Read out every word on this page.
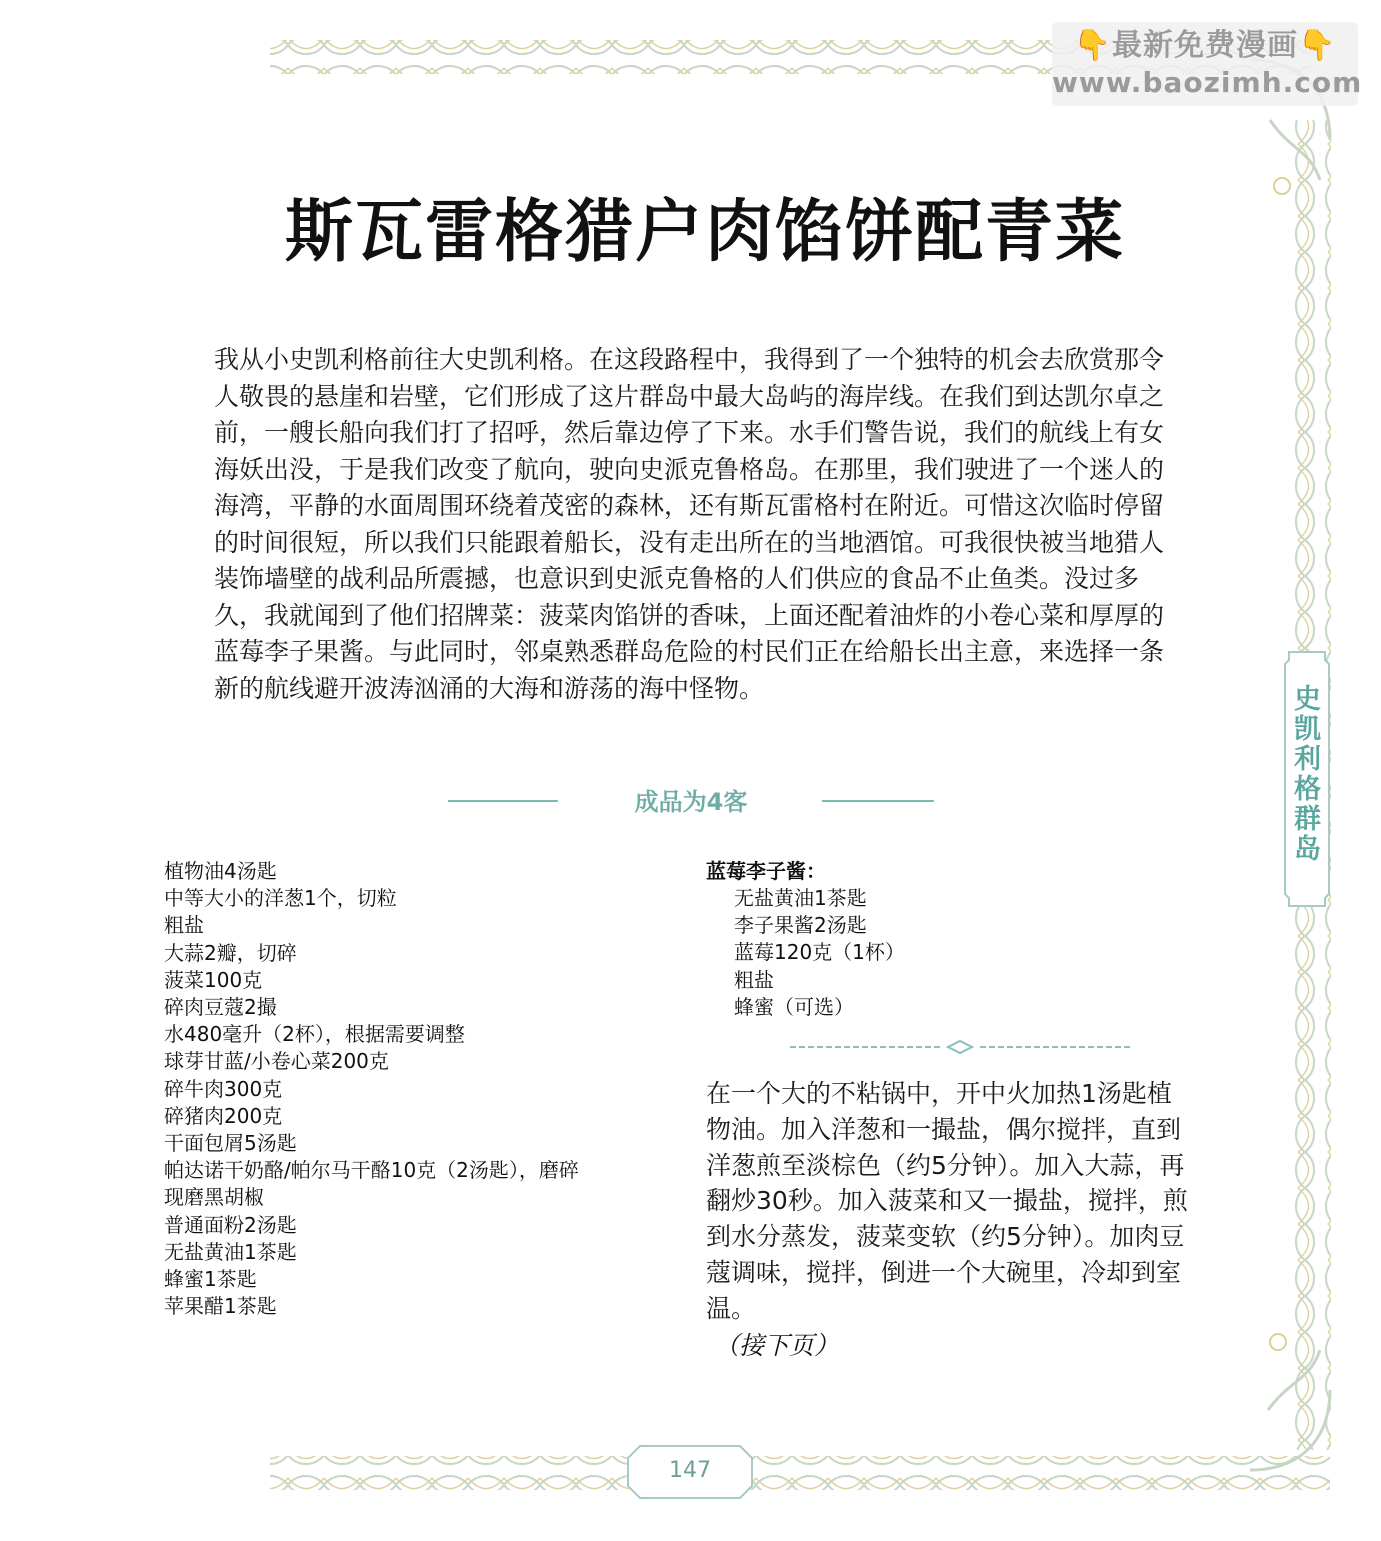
史凯利格群岛
👇最新免费漫画👇
www.baozimh.com
斯瓦雷格猎户肉馅饼配青菜

我从小史凯利格前往大史凯利格。在这段路程中，我得到了一个独特的机会去欣赏那令人敬畏的悬崖和岩壁，它们形成了这片群岛中最大岛屿的海岸线。在我们到达凯尔卓之前，一艘长船向我们打了招呼，然后靠边停了下来。水手们警告说，我们的航线上有女海妖出没，于是我们改变了航向，驶向史派克鲁格岛。在那里，我们驶进了一个迷人的海湾，平静的水面周围环绕着茂密的森林，还有斯瓦雷格村在附近。可惜这次临时停留的时间很短，所以我们只能跟着船长，没有走出所在的当地酒馆。可我很快被当地猎人装饰墙壁的战利品所震撼，也意识到史派克鲁格的人们供应的食品不止鱼类。没过多久，我就闻到了他们招牌菜：菠菜肉馅饼的香味，上面还配着油炸的小卷心菜和厚厚的蓝莓李子果酱。与此同时，邻桌熟悉群岛危险的村民们正在给船长出主意，来选择一条新的航线避开波涛汹涌的大海和游荡的海中怪物。

成品为4客
植物油4汤匙
中等大小的洋葱1个，切粒
粗盐
大蒜2瓣，切碎
菠菜100克
碎肉豆蔻2撮
水480毫升（2杯），根据需要调整
球芽甘蓝/小卷心菜200克
碎牛肉300克
碎猪肉200克
干面包屑5汤匙
帕达诺干奶酪/帕尔马干酪10克（2汤匙），磨碎
现磨黑胡椒
普通面粉2汤匙
无盐黄油1茶匙
蜂蜜1茶匙
苹果醋1茶匙
蓝莓李子酱：
无盐黄油1茶匙
李子果酱2汤匙
蓝莓120克（1杯）
粗盐
蜂蜜（可选）

在一个大的不粘锅中，开中火加热1汤匙植物油。加入洋葱和一撮盐，偶尔搅拌，直到洋葱煎至淡棕色（约5分钟）。加入大蒜，再翻炒30秒。加入菠菜和又一撮盐，搅拌，煎到水分蒸发，菠菜变软（约5分钟）。加肉豆蔻调味，搅拌，倒进一个大碗里，冷却到室温。

（接下页）
147
